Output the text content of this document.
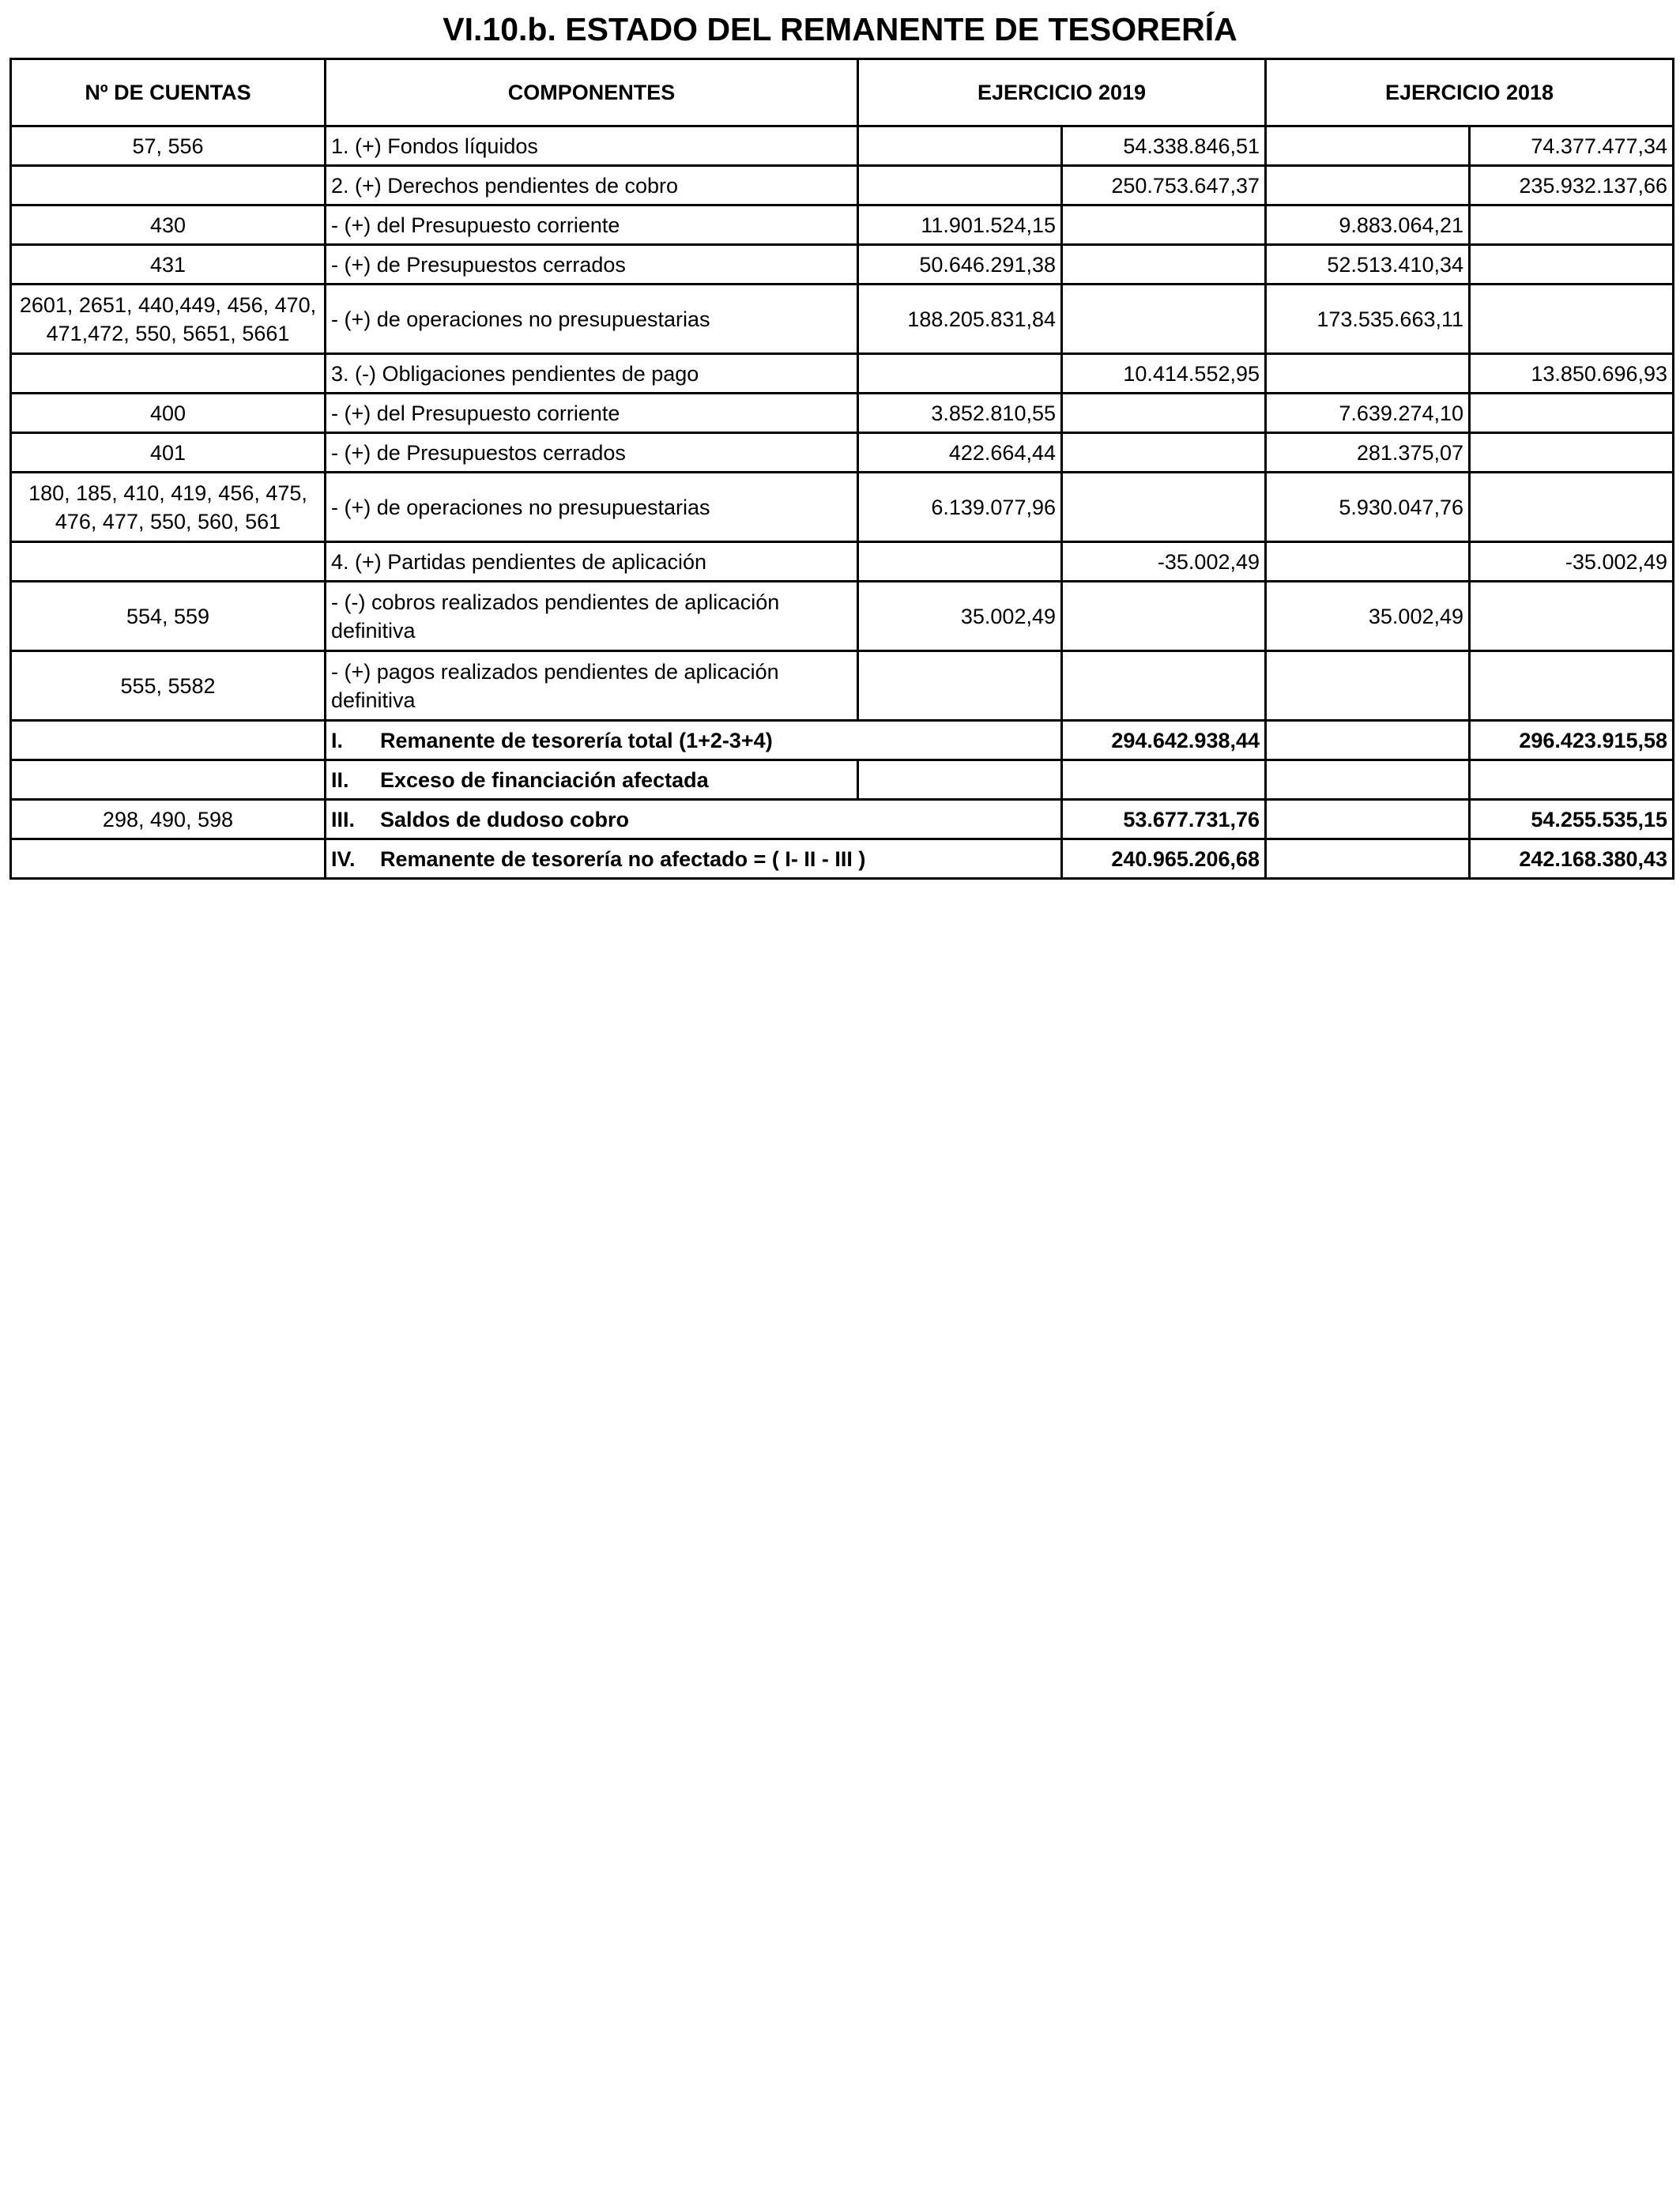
VI.10.b. ESTADO DEL REMANENTE DE TESORERÍA
Nº DE CUENTAS	COMPONENTES	EJERCICIO 2019		EJERCICIO 2018	
57, 556	1. (+) Fondos líquidos		54.338.846,51		74.377.477,34
	2. (+) Derechos pendientes de cobro		250.753.647,37		235.932.137,66
430	- (+) del Presupuesto corriente	11.901.524,15		9.883.064,21	
431	- (+) de Presupuestos cerrados	50.646.291,38		52.513.410,34	
2601, 2651, 440,449, 456, 470, 471,472, 550, 5651, 5661	- (+) de operaciones no presupuestarias	188.205.831,84		173.535.663,11	
	3. (-) Obligaciones pendientes de pago		10.414.552,95		13.850.696,93
400	- (+) del Presupuesto corriente	3.852.810,55		7.639.274,10	
401	- (+) de Presupuestos cerrados	422.664,44		281.375,07	
180, 185, 410, 419, 456, 475, 476, 477, 550, 560, 561	- (+) de operaciones no presupuestarias	6.139.077,96		5.930.047,76	
	4. (+) Partidas pendientes de aplicación		-35.002,49		-35.002,49
554, 559	- (-) cobros realizados pendientes de aplicación definitiva	35.002,49		35.002,49	
555, 5582	- (+) pagos realizados pendientes de aplicación definitiva				
	I. Remanente de tesorería total (1+2-3+4)		294.642.938,44		296.423.915,58
	II. Exceso de financiación afectada				
298, 490, 598	III. Saldos de dudoso cobro		53.677.731,76		54.255.535,15
	IV. Remanente de tesorería no afectado = ( I- II - III )		240.965.206,68		242.168.380,43
